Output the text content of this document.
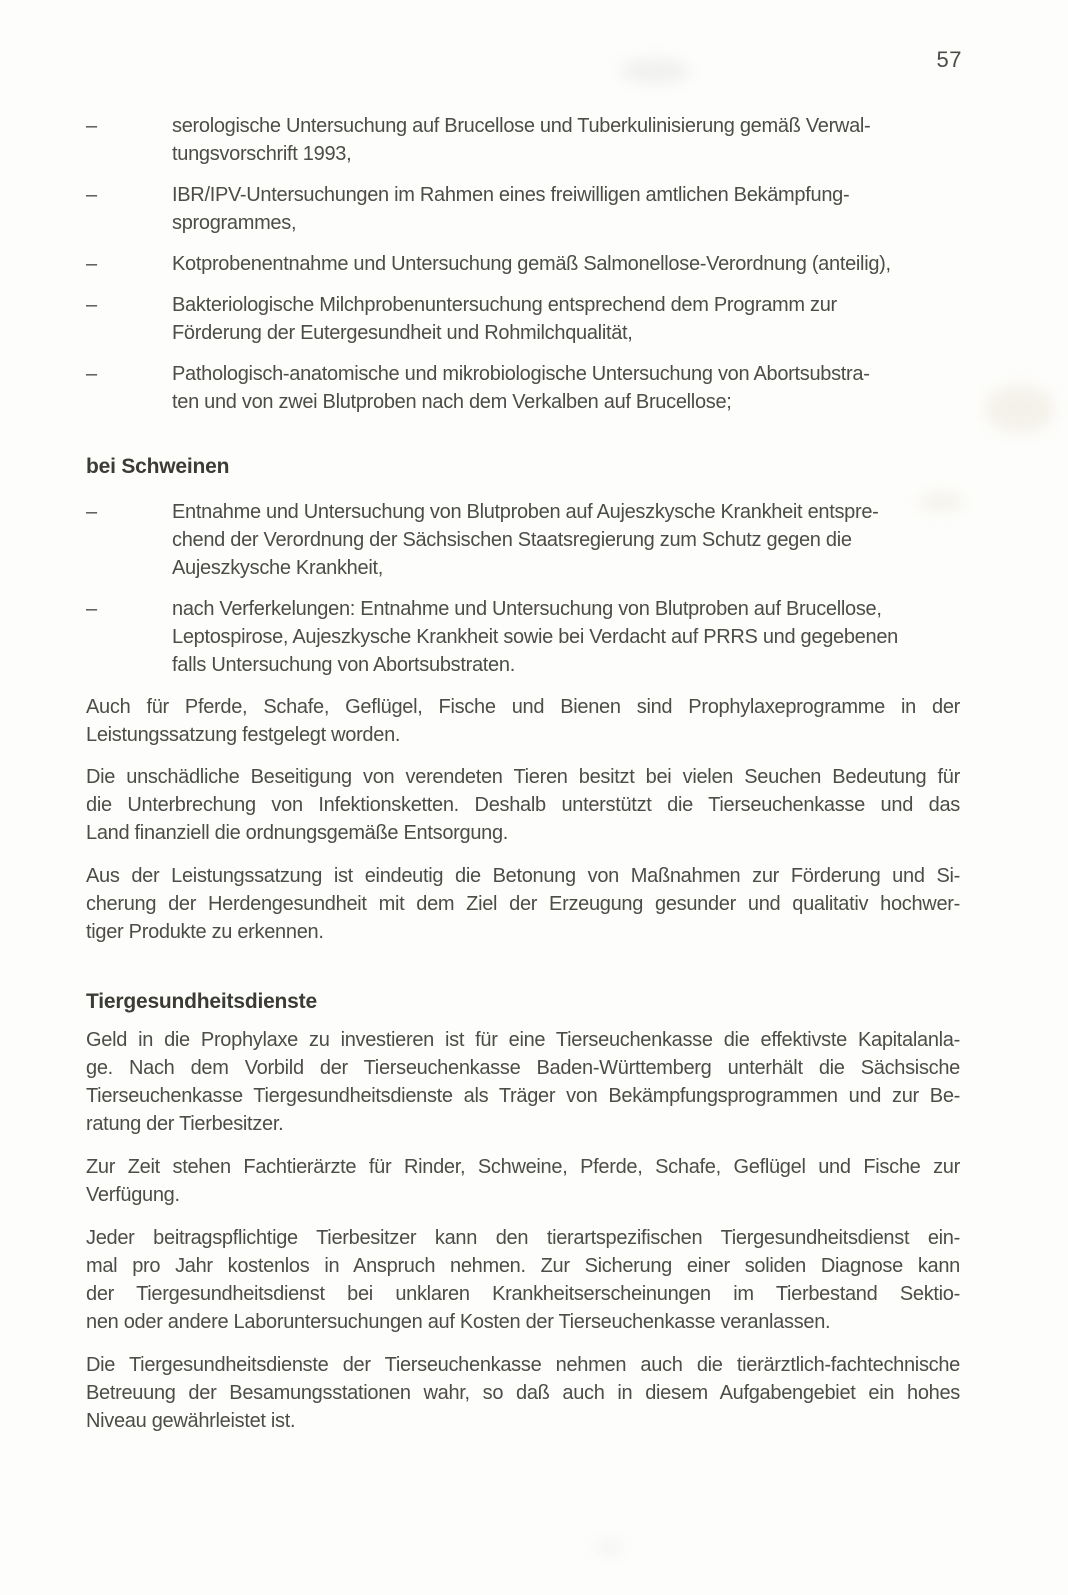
57
–	serologische Untersuchung auf Brucellose und Tuberkulinisierung gemäß Verwal-
tungsvorschrift 1993,
–	IBR/IPV-Untersuchungen im Rahmen eines freiwilligen amtlichen Bekämpfung-
sprogrammes,
–	Kotprobenentnahme und Untersuchung gemäß Salmonellose-Verordnung (anteilig),
–	Bakteriologische Milchprobenuntersuchung entsprechend dem Programm zur
Förderung der Eutergesundheit und Rohmilchqualität,
–	Pathologisch-anatomische und mikrobiologische Untersuchung von Abortsubstra-
ten und von zwei Blutproben nach dem Verkalben auf Brucellose;
bei Schweinen
–	Entnahme und Untersuchung von Blutproben auf Aujeszkysche Krankheit entspre-
chend der Verordnung der Sächsischen Staatsregierung zum Schutz gegen die
Aujeszkysche Krankheit,
–	nach Verferkelungen: Entnahme und Untersuchung von Blutproben auf Brucellose,
Leptospirose, Aujeszkysche Krankheit sowie bei Verdacht auf PRRS und gegebenen
falls Untersuchung von Abortsubstraten.
Auch für Pferde, Schafe, Geflügel, Fische und Bienen sind Prophylaxeprogramme in der
Leistungssatzung festgelegt worden.
Die unschädliche Beseitigung von verendeten Tieren besitzt bei vielen Seuchen Bedeutung für
die Unterbrechung von Infektionsketten. Deshalb unterstützt die Tierseuchenkasse und das
Land finanziell die ordnungsgemäße Entsorgung.
Aus der Leistungssatzung ist eindeutig die Betonung von Maßnahmen zur Förderung und Si-
cherung der Herdengesundheit mit dem Ziel der Erzeugung gesunder und qualitativ hochwer-
tiger Produkte zu erkennen.
Tiergesundheitsdienste
Geld in die Prophylaxe zu investieren ist für eine Tierseuchenkasse die effektivste Kapitalanla-
ge. Nach dem Vorbild der Tierseuchenkasse Baden-Württemberg unterhält die Sächsische
Tierseuchenkasse Tiergesundheitsdienste als Träger von Bekämpfungsprogrammen und zur Be-
ratung der Tierbesitzer.
Zur Zeit stehen Fachtierärzte für Rinder, Schweine, Pferde, Schafe, Geflügel und Fische zur
Verfügung.
Jeder beitragspflichtige Tierbesitzer kann den tierartspezifischen Tiergesundheitsdienst ein-
mal pro Jahr kostenlos in Anspruch nehmen. Zur Sicherung einer soliden Diagnose kann
der Tiergesundheitsdienst bei unklaren Krankheitserscheinungen im Tierbestand Sektio-
nen oder andere Laboruntersuchungen auf Kosten der Tierseuchenkasse veranlassen.
Die Tiergesundheitsdienste der Tierseuchenkasse nehmen auch die tierärztlich-fachtechnische
Betreuung der Besamungsstationen wahr, so daß auch in diesem Aufgabengebiet ein hohes
Niveau gewährleistet ist.
